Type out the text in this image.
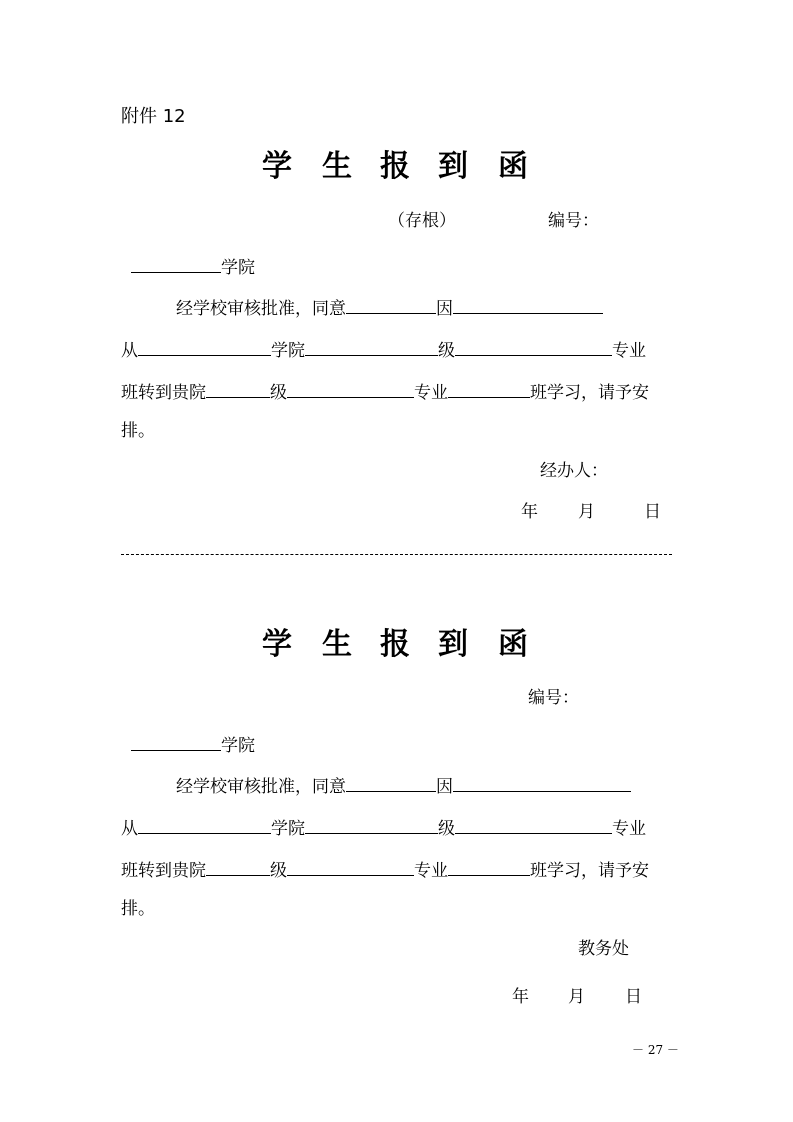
附件 12
学 生 报 到 函
（存根）	编号：
学院
经学校审核批准，同意	因
从	学院	级	专业
班转到贵院	级	专业	班学习，请予安
排。
经办人：
年 月	日
学 生 报 到 函
编号：
学院
经学校审核批准，同意	因
从	学院	级	专业
班转到贵院	级	专业	班学习，请予安
排。
教务处
年 月 日
－ 27 －
